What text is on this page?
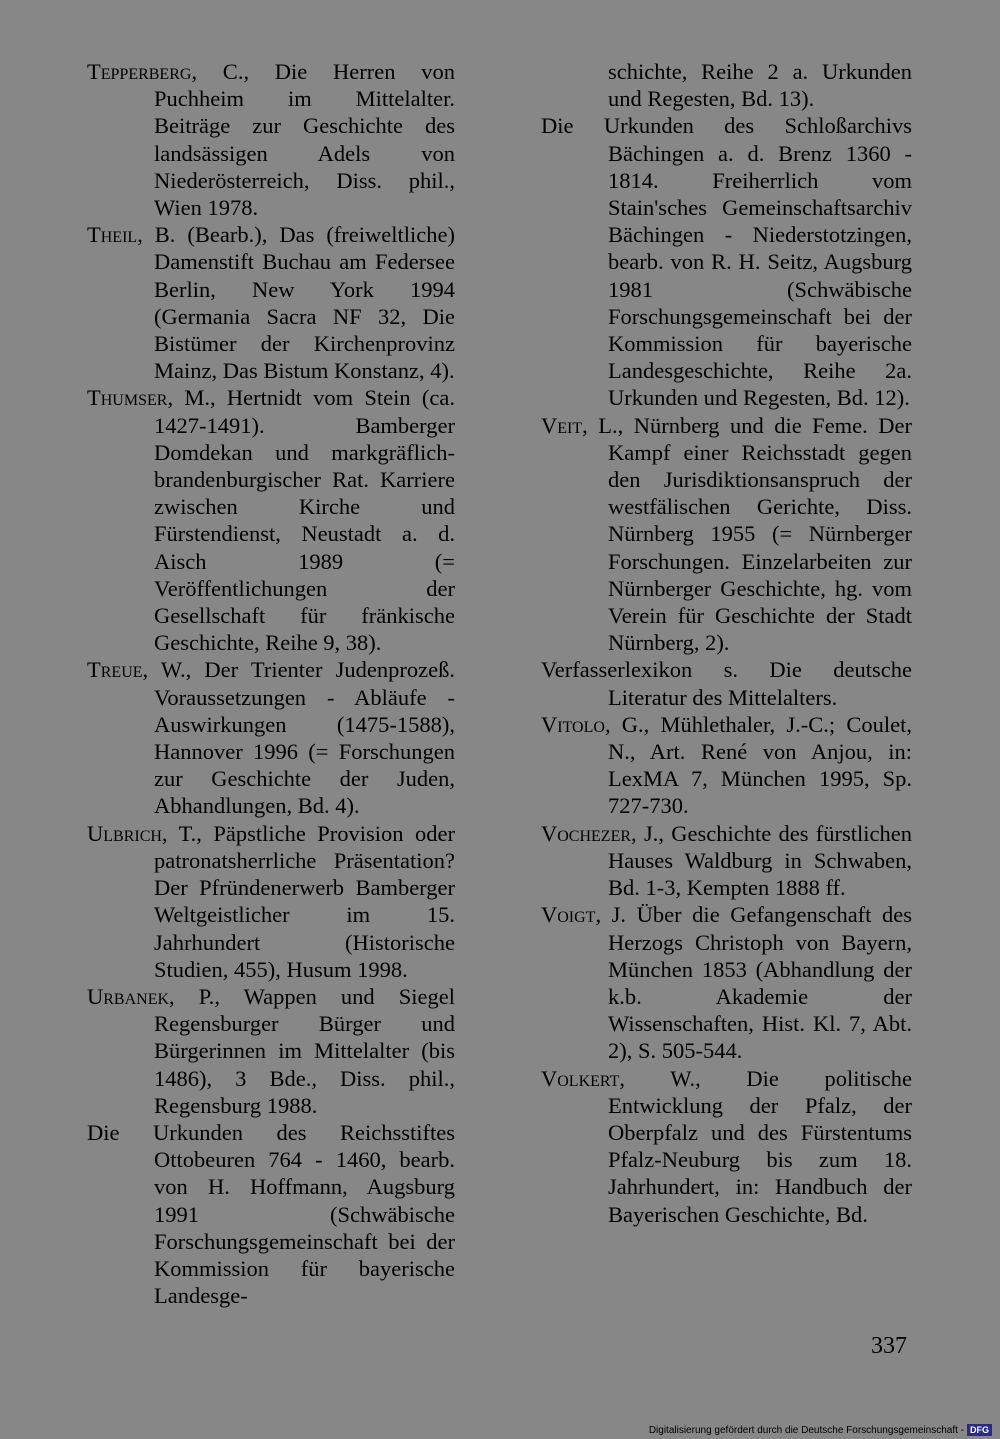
Tepperberg, C., Die Herren von Puchheim im Mittelalter. Beiträge zur Geschichte des landsässigen Adels von Niederösterreich, Diss. phil., Wien 1978.

Theil, B. (Bearb.), Das (freiweltliche) Damenstift Buchau am Federsee Berlin, New York 1994 (Germania Sacra NF 32, Die Bistümer der Kirchenprovinz Mainz, Das Bistum Konstanz, 4).

Thumser, M., Hertnidt vom Stein (ca. 1427-1491). Bamberger Domdekan und markgräflich- brandenburgischer Rat. Karriere zwischen Kirche und Fürstendienst, Neustadt a. d. Aisch 1989 (= Veröffentlichungen der Gesellschaft für fränkische Geschichte, Reihe 9, 38).

Treue, W., Der Trienter Judenprozeß. Voraussetzungen - Abläufe - Auswirkungen (1475-1588), Hannover 1996 (= Forschungen zur Geschichte der Juden, Abhandlungen, Bd. 4).

Ulbrich, T., Päpstliche Provision oder patronatsherrliche Präsentation? Der Pfründenerwerb Bamberger Weltgeistlicher im 15. Jahrhundert (Historische Studien, 455), Husum 1998.

Urbanek, P., Wappen und Siegel Regensburger Bürger und Bürgerinnen im Mittelalter (bis 1486), 3 Bde., Diss. phil., Regensburg 1988.

Die Urkunden des Reichsstiftes Ottobeuren 764 - 1460, bearb. von H. Hoffmann, Augsburg 1991 (Schwäbische Forschungsgemeinschaft bei der Kommission für bayerische Landesge-

schichte, Reihe 2 a. Urkunden und Regesten, Bd. 13).

Die Urkunden des Schloßarchivs Bächingen a. d. Brenz 1360 - 1814. Freiherrlich vom Stain'sches Gemeinschaftsarchiv Bächingen - Niederstotzingen, bearb. von R. H. Seitz, Augsburg 1981 (Schwäbische Forschungsgemeinschaft bei der Kommission für bayerische Landesgeschichte, Reihe 2a. Urkunden und Regesten, Bd. 12).

Veit, L., Nürnberg und die Feme. Der Kampf einer Reichsstadt gegen den Jurisdiktionsanspruch der westfälischen Gerichte, Diss. Nürnberg 1955 (= Nürnberger Forschungen. Einzelarbeiten zur Nürnberger Geschichte, hg. vom Verein für Geschichte der Stadt Nürnberg, 2).

Verfasserlexikon s. Die deutsche Literatur des Mittelalters.

Vitolo, G., Mühlethaler, J.-C.; Coulet, N., Art. René von Anjou, in: LexMA 7, München 1995, Sp. 727-730.

Vochezer, J., Geschichte des fürstlichen Hauses Waldburg in Schwaben, Bd. 1-3, Kempten 1888 ff.

Voigt, J. Über die Gefangenschaft des Herzogs Christoph von Bayern, München 1853 (Abhandlung der k.b. Akademie der Wissenschaften, Hist. Kl. 7, Abt. 2), S. 505-544.

Volkert, W., Die politische Entwicklung der Pfalz, der Oberpfalz und des Fürstentums Pfalz-Neuburg bis zum 18. Jahrhundert, in: Handbuch der Bayerischen Geschichte, Bd.

337
Digitalisierung gefördert durch die Deutsche Forschungsgemeinschaft - DFG
